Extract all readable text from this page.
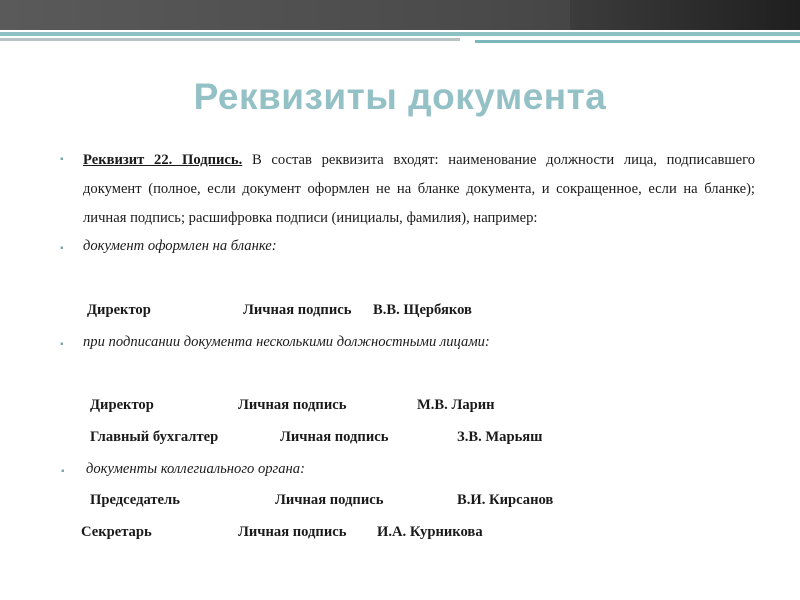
Реквизиты документа
▪ Реквизит 22. Подпись. В состав реквизита входят: наименование должности лица, подписавшего документ (полное, если документ оформлен не на бланке документа, и сокращенное, если на бланке); личная подпись; расшифровка подписи (инициалы, фамилия), например:
▪ документ оформлен на бланке:
Директор	Личная подпись В.В. Щербяков
▪ при подписании документа несколькими должностными лицами:
Директор	Личная подпись	М.В. Ларин
Главный бухгалтер	Личная подпись	З.В. Марьяш
▪ документы коллегиального органа:
Председатель	Личная подпись	В.И. Кирсанов
Секретарь	Личная подпись И.А. Курникова
